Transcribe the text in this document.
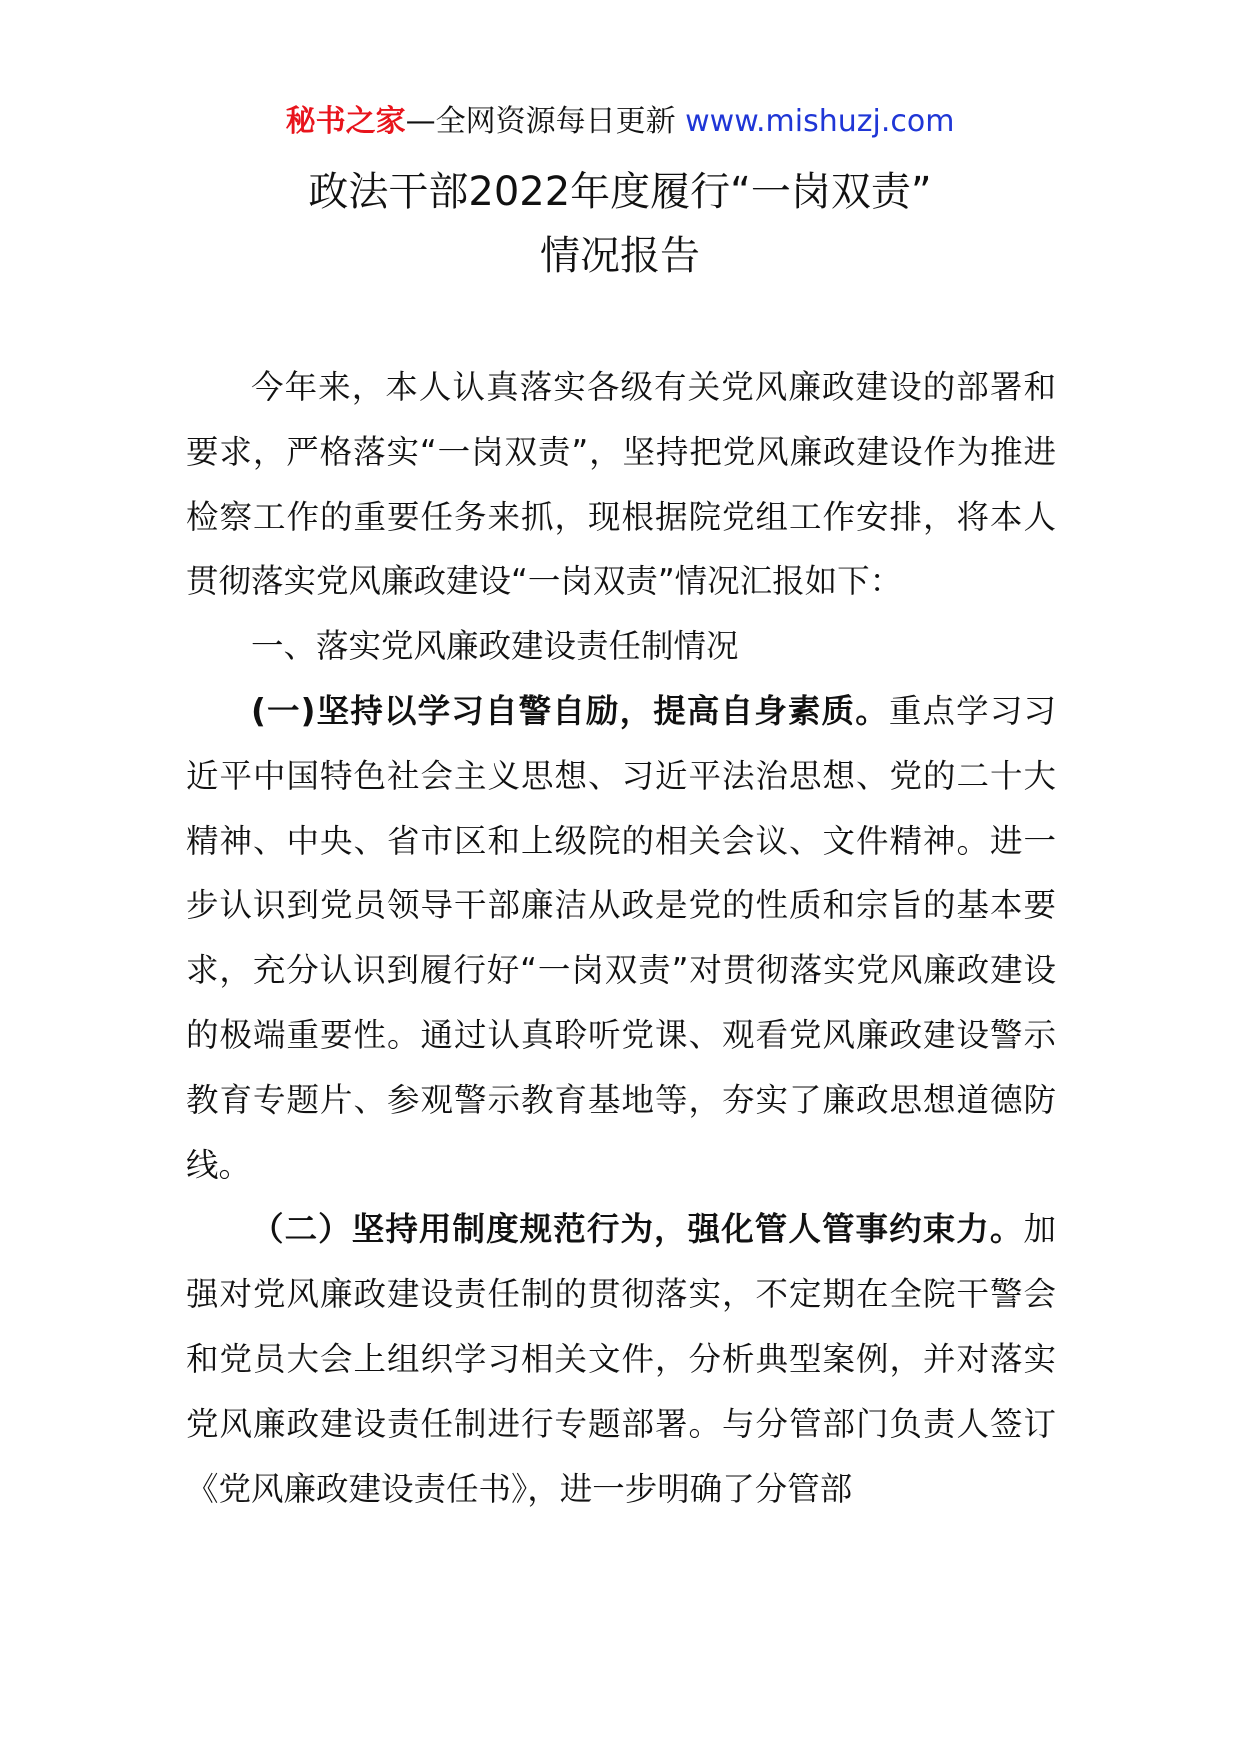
秘书之家—全网资源每日更新 www.mishuzj.com
政法干部2022年度履行“一岗双责”
情况报告

今年来，本人认真落实各级有关党风廉政建设的部署和要求，严格落实“一岗双责”，坚持把党风廉政建设作为推进检察工作的重要任务来抓，现根据院党组工作安排，将本人贯彻落实党风廉政建设“一岗双责”情况汇报如下：

一、落实党风廉政建设责任制情况

(一)坚持以学习自警自励，提高自身素质。重点学习习近平中国特色社会主义思想、习近平法治思想、党的二十大精神、中央、省市区和上级院的相关会议、文件精神。进一步认识到党员领导干部廉洁从政是党的性质和宗旨的基本要求，充分认识到履行好“一岗双责”对贯彻落实党风廉政建设的极端重要性。通过认真聆听党课、观看党风廉政建设警示教育专题片、参观警示教育基地等，夯实了廉政思想道德防线。

（二）坚持用制度规范行为，强化管人管事约束力。加强对党风廉政建设责任制的贯彻落实，不定期在全院干警会和党员大会上组织学习相关文件，分析典型案例，并对落实党风廉政建设责任制进行专题部署。与分管部门负责人签订《党风廉政建设责任书》，进一步明确了分管部
